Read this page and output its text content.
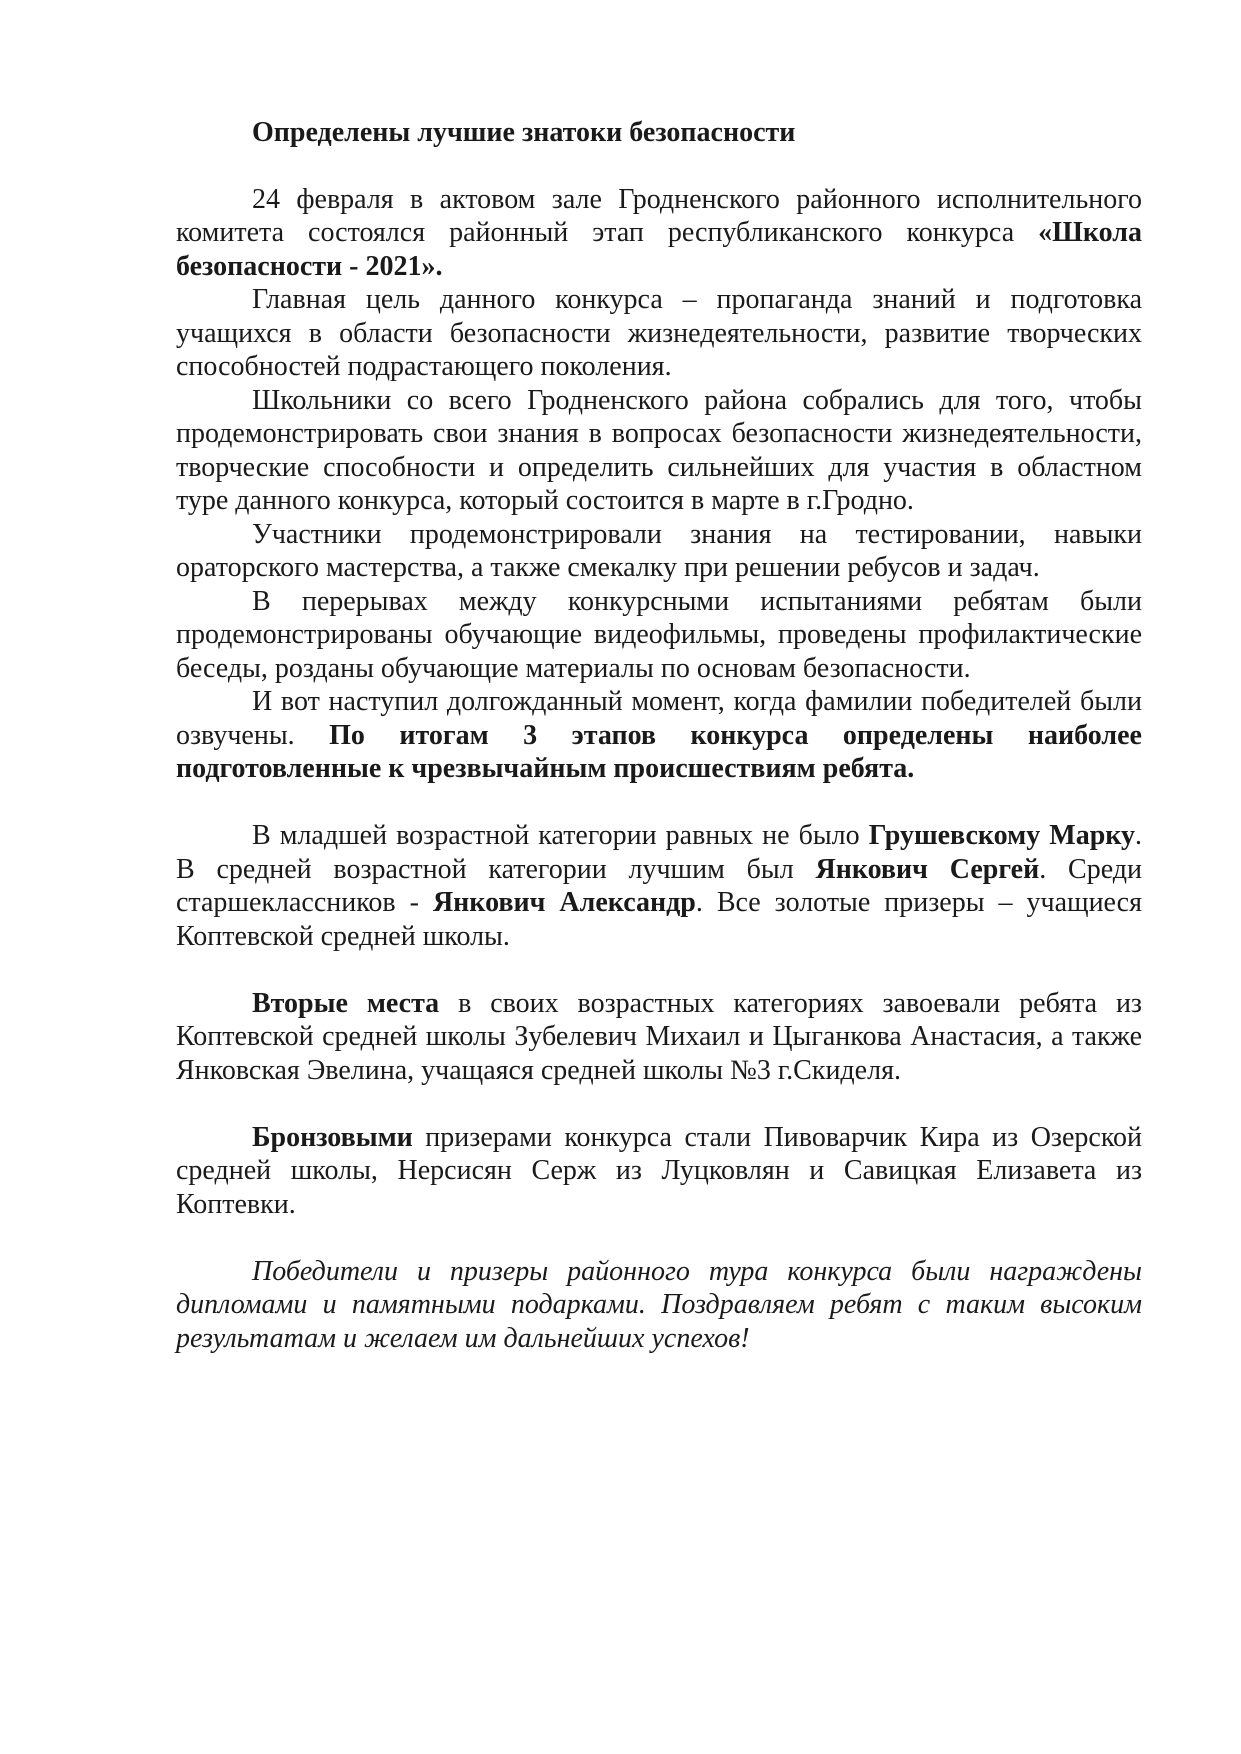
Определены лучшие знатоки безопасности

24 февраля в актовом зале Гродненского районного исполнительного комитета состоялся районный этап республиканского конкурса «Школа безопасности - 2021».

Главная цель данного конкурса – пропаганда знаний и подготовка учащихся в области безопасности жизнедеятельности, развитие творческих способностей подрастающего поколения.

Школьники со всего Гродненского района собрались для того, чтобы продемонстрировать свои знания в вопросах безопасности жизнедеятельности, творческие способности и определить сильнейших для участия в областном туре данного конкурса, который состоится в марте в г.Гродно.

Участники продемонстрировали знания на тестировании, навыки ораторского мастерства, а также смекалку при решении ребусов и задач.

В перерывах между конкурсными испытаниями ребятам были продемонстрированы обучающие видеофильмы, проведены профилактические беседы, розданы обучающие материалы по основам безопасности.

И вот наступил долгожданный момент, когда фамилии победителей были озвучены. По итогам 3 этапов конкурса определены наиболее подготовленные к чрезвычайным происшествиям ребята.

В младшей возрастной категории равных не было Грушевскому Марку. В средней возрастной категории лучшим был Янкович Сергей. Среди старшеклассников - Янкович Александр. Все золотые призеры – учащиеся Коптевской средней школы.

Вторые места в своих возрастных категориях завоевали ребята из Коптевской средней школы Зубелевич Михаил и Цыганкова Анастасия, а также Янковская Эвелина, учащаяся средней школы №3 г.Скиделя.

Бронзовыми призерами конкурса стали Пивоварчик Кира из Озерской средней школы, Нерсисян Серж из Луцковлян и Савицкая Елизавета из Коптевки.

Победители и призеры районного тура конкурса были награждены дипломами и памятными подарками. Поздравляем ребят с таким высоким результатам и желаем им дальнейших успехов!
